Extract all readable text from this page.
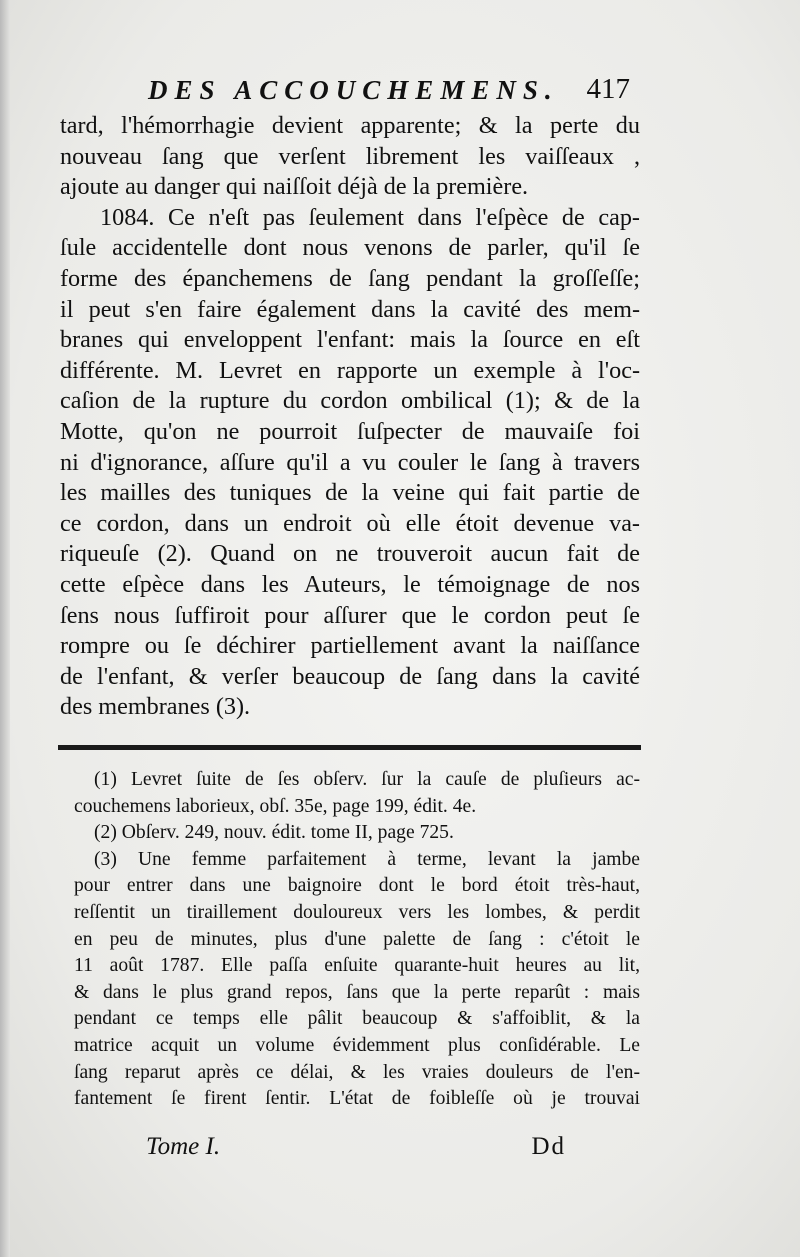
DES ACCOUCHEMENS. 417
tard, l'hémorrhagie devient apparente; & la perte du
nouveau ſang que verſent librement les vaiſſeaux ,
ajoute au danger qui naiſſoit déjà de la première.
1084. Ce n'eſt pas ſeulement dans l'eſpèce de cap-
ſule accidentelle dont nous venons de parler, qu'il ſe
forme des épanchemens de ſang pendant la groſſeſſe;
il peut s'en faire également dans la cavité des mem-
branes qui enveloppent l'enfant: mais la ſource en eſt
différente. M. Levret en rapporte un exemple à l'oc-
caſion de la rupture du cordon ombilical (1); & de la
Motte, qu'on ne pourroit ſuſpecter de mauvaiſe foi
ni d'ignorance, aſſure qu'il a vu couler le ſang à travers
les mailles des tuniques de la veine qui fait partie de
ce cordon, dans un endroit où elle étoit devenue va-
riqueuſe (2). Quand on ne trouveroit aucun fait de
cette eſpèce dans les Auteurs, le témoignage de nos
ſens nous ſuffiroit pour aſſurer que le cordon peut ſe
rompre ou ſe déchirer partiellement avant la naiſſance
de l'enfant, & verſer beaucoup de ſang dans la cavité
des membranes (3).
(1) Levret ſuite de ſes obſerv. ſur la cauſe de pluſieurs ac-
couchemens laborieux, obſ. 35e, page 199, édit. 4e.
(2) Obſerv. 249, nouv. édit. tome II, page 725.
(3) Une femme parfaitement à terme, levant la jambe
pour entrer dans une baignoire dont le bord étoit très-haut,
reſſentit un tiraillement douloureux vers les lombes, & perdit
en peu de minutes, plus d'une palette de ſang : c'étoit le
11 août 1787. Elle paſſa enſuite quarante-huit heures au lit,
& dans le plus grand repos, ſans que la perte reparût : mais
pendant ce temps elle pâlit beaucoup & s'affoiblit, & la
matrice acquit un volume évidemment plus conſidérable. Le
ſang reparut après ce délai, & les vraies douleurs de l'en-
fantement ſe firent ſentir. L'état de foibleſſe où je trouvai
Tome I.	Dd
